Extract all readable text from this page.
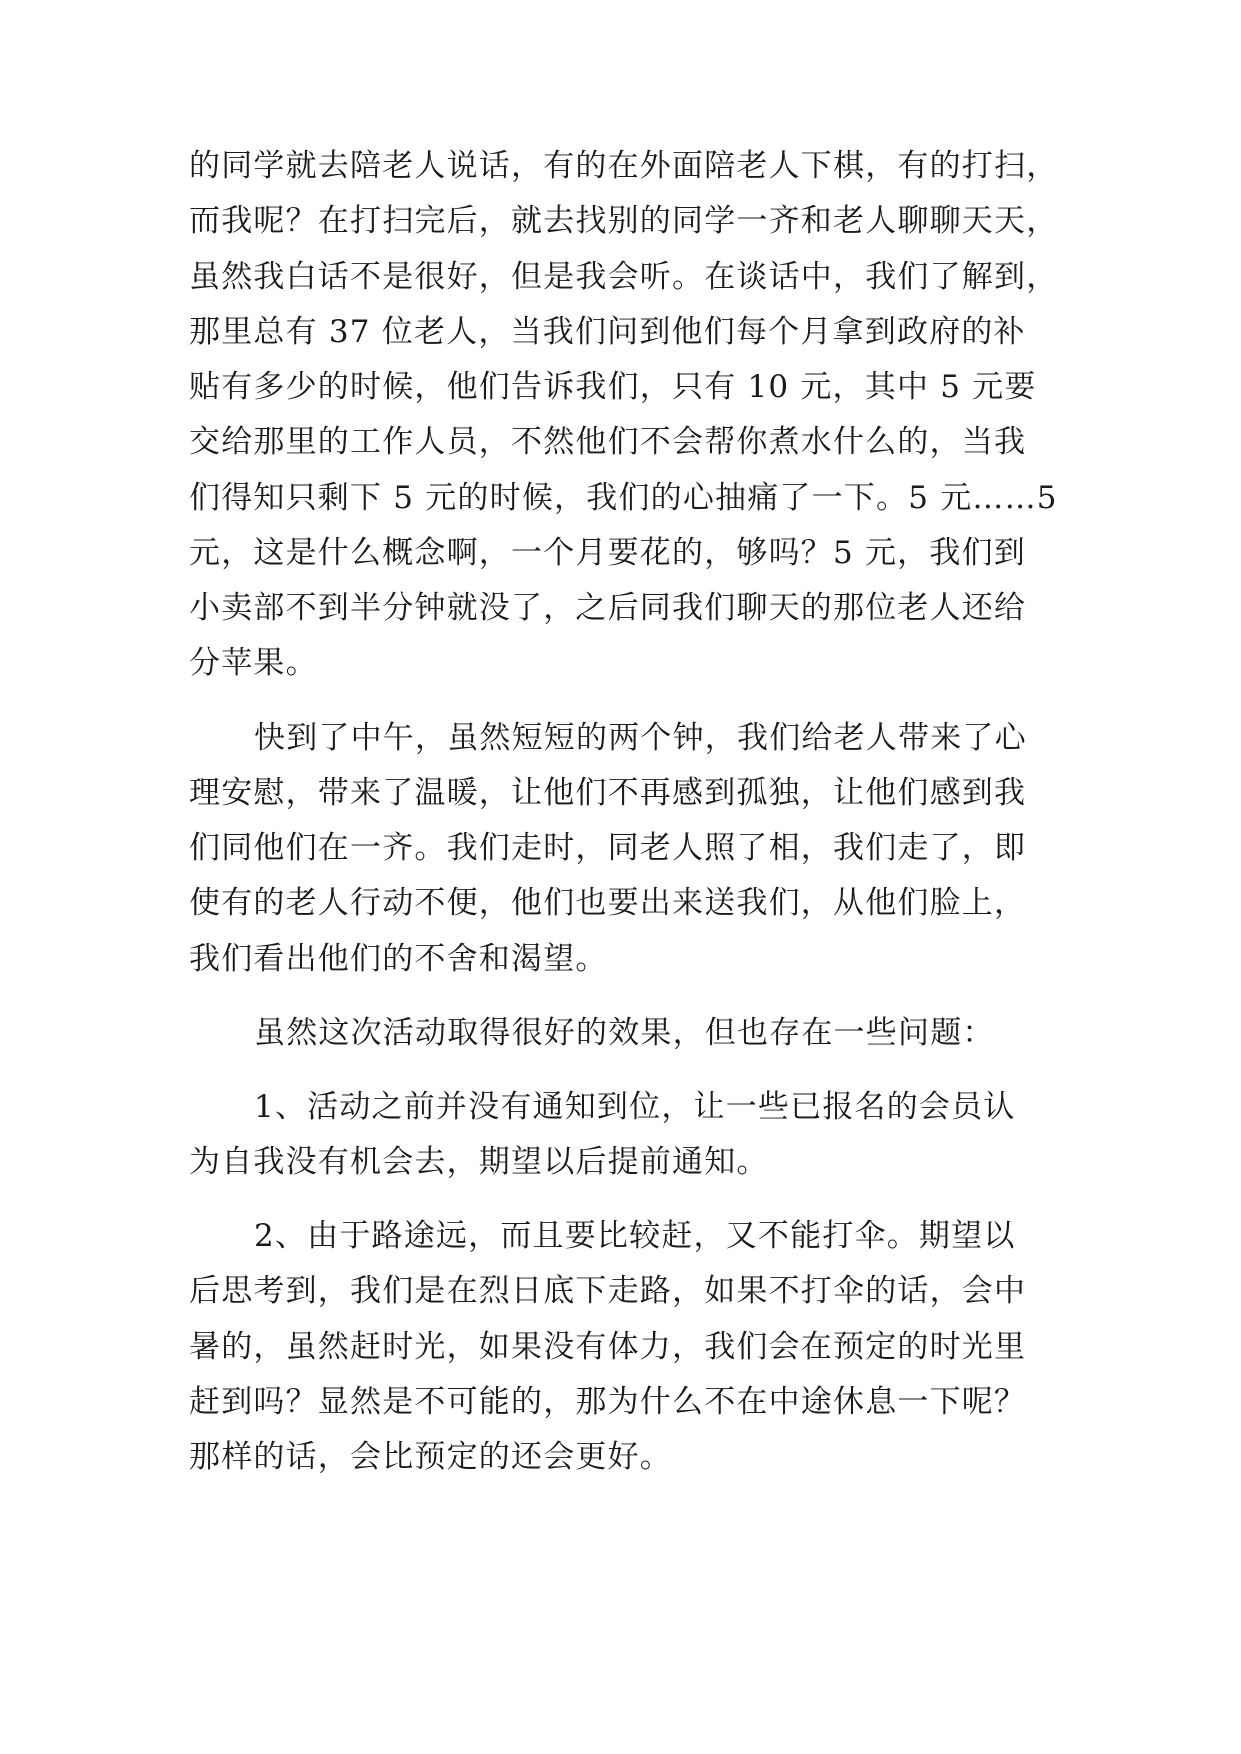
的同学就去陪老人说话，有的在外面陪老人下棋，有的打扫，

而我呢？在打扫完后，就去找别的同学一齐和老人聊聊天天，

虽然我白话不是很好，但是我会听。在谈话中，我们了解到，

那里总有 37 位老人，当我们问到他们每个月拿到政府的补

贴有多少的时候，他们告诉我们，只有 10 元，其中 5 元要

交给那里的工作人员，不然他们不会帮你煮水什么的，当我

们得知只剩下 5 元的时候，我们的心抽痛了一下。5 元……5

元，这是什么概念啊，一个月要花的，够吗？5 元，我们到

小卖部不到半分钟就没了，之后同我们聊天的那位老人还给

分苹果。

快到了中午，虽然短短的两个钟，我们给老人带来了心

理安慰，带来了温暖，让他们不再感到孤独，让他们感到我

们同他们在一齐。我们走时，同老人照了相，我们走了，即

使有的老人行动不便，他们也要出来送我们，从他们脸上，

我们看出他们的不舍和渴望。

虽然这次活动取得很好的效果，但也存在一些问题：

1、活动之前并没有通知到位，让一些已报名的会员认

为自我没有机会去，期望以后提前通知。

2、由于路途远，而且要比较赶，又不能打伞。期望以

后思考到，我们是在烈日底下走路，如果不打伞的话，会中

暑的，虽然赶时光，如果没有体力，我们会在预定的时光里

赶到吗？显然是不可能的，那为什么不在中途休息一下呢？

那样的话，会比预定的还会更好。
